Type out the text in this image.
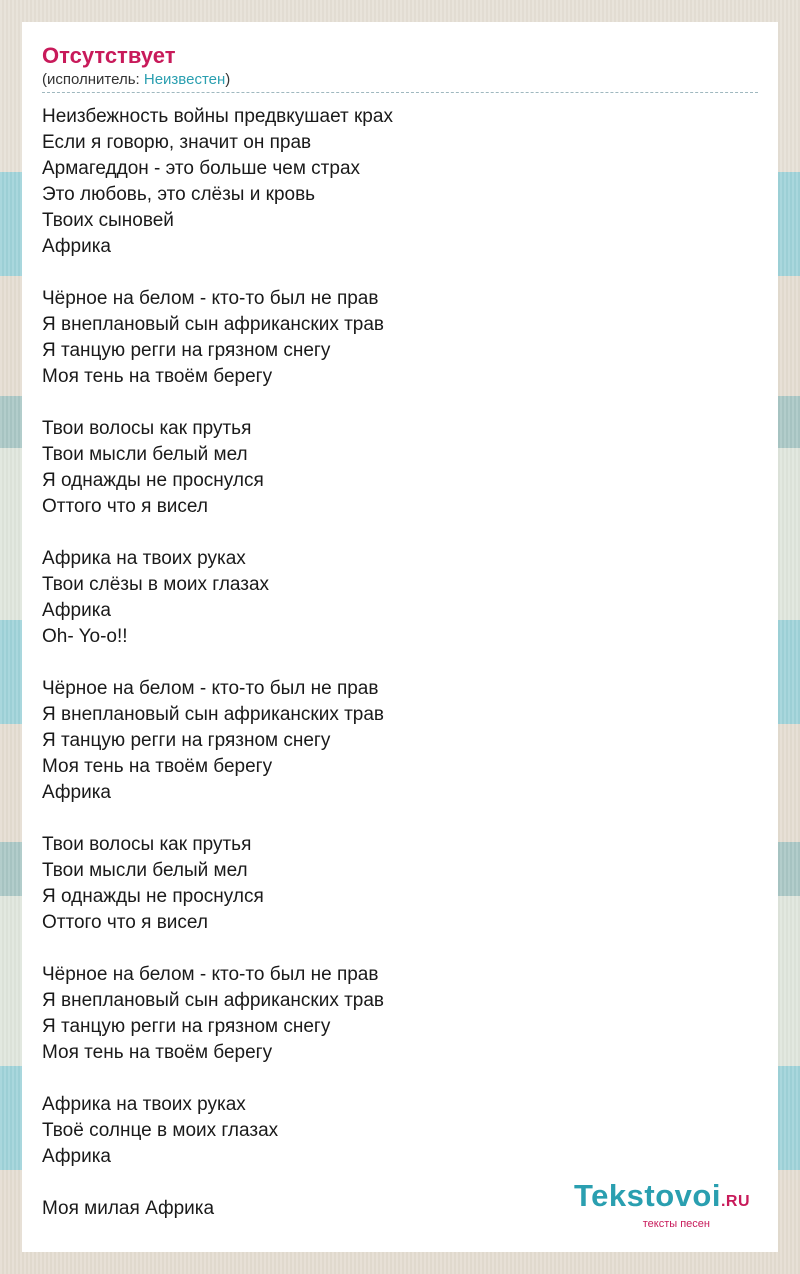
Отсутствует
(исполнитель: Неизвестен)
Неизбежность войны предвкушает крах
Если я говорю, значит он прав
Армагеддон - это больше чем страх
Это любовь, это слёзы и кровь
Твоих сыновей
Африка
Чёрное на белом - кто-то был не прав
Я внеплановый сын африканских трав
Я танцую регги на грязном снегу
Моя тень на твоём берегу
Твои волосы как прутья
Твои мысли белый мел
Я однажды не проснулся
Оттого что я висел
Африка на твоих руках
Твои слёзы в моих глазах
Африка
Oh- Yo-o!!
Чёрное на белом - кто-то был не прав
Я внеплановый сын африканских трав
Я танцую регги на грязном снегу
Моя тень на твоём берегу
Африка
Твои волосы как прутья
Твои мысли белый мел
Я однажды не проснулся
Оттого что я висел
Чёрное на белом - кто-то был не прав
Я внеплановый сын африканских трав
Я танцую регги на грязном снегу
Моя тень на твоём берегу
Африка на твоих руках
Твоё солнце в моих глазах
Африка
Моя милая Африка	Tekstovoi.RU
тексты песен
